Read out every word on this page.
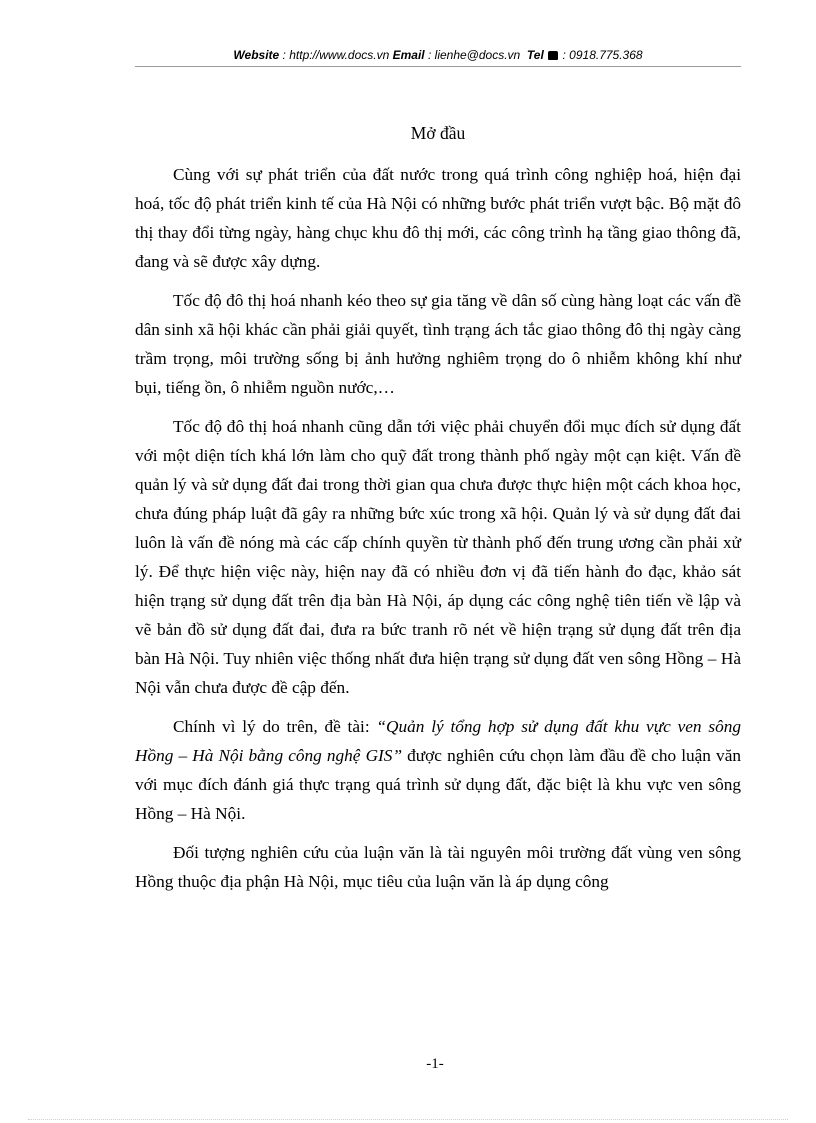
Website : http://www.docs.vn Email : lienhe@docs.vn Tel  : 0918.775.368
Mở đầu

Cùng với sự phát triển của đất nước trong quá trình công nghiệp hoá, hiện đại hoá, tốc độ phát triển kinh tế của Hà Nội có những bước phát triển vượt bậc. Bộ mặt đô thị thay đổi từng ngày, hàng chục khu đô thị mới, các công trình hạ tầng giao thông đã, đang và sẽ được xây dựng.

Tốc độ đô thị hoá nhanh kéo theo sự gia tăng về dân số cùng hàng loạt các vấn đề dân sinh xã hội khác cần phải giải quyết, tình trạng ách tắc giao thông đô thị ngày càng trầm trọng, môi trường sống bị ảnh hưởng nghiêm trọng do ô nhiễm không khí như bụi, tiếng ồn, ô nhiễm nguồn nước,…

Tốc độ đô thị hoá nhanh cũng dẫn tới việc phải chuyển đổi mục đích sử dụng đất với một diện tích khá lớn làm cho quỹ đất trong thành phố ngày một cạn kiệt. Vấn đề quản lý và sử dụng đất đai trong thời gian qua chưa được thực hiện một cách khoa học, chưa đúng pháp luật đã gây ra những bức xúc trong xã hội. Quản lý và sử dụng đất đai luôn là vấn đề nóng mà các cấp chính quyền từ thành phố đến trung ương cần phải xử lý. Để thực hiện việc này, hiện nay đã có nhiều đơn vị đã tiến hành đo đạc, khảo sát hiện trạng sử dụng đất trên địa bàn Hà Nội, áp dụng các công nghệ tiên tiến về lập và vẽ bản đồ sử dụng đất đai, đưa ra bức tranh rõ nét về hiện trạng sử dụng đất trên địa bàn Hà Nội. Tuy nhiên việc thống nhất đưa hiện trạng sử dụng đất ven sông Hồng – Hà Nội vẫn chưa được đề cập đến.

Chính vì lý do trên, đề tài: “Quản lý tổng hợp sử dụng đất khu vực ven sông Hồng – Hà Nội bằng công nghệ GIS” được nghiên cứu chọn làm đầu đề cho luận văn với mục đích đánh giá thực trạng quá trình sử dụng đất, đặc biệt là khu vực ven sông Hồng – Hà Nội.

Đối tượng nghiên cứu của luận văn là tài nguyên môi trường đất vùng ven sông Hồng thuộc địa phận Hà Nội, mục tiêu của luận văn là áp dụng công

-1-
